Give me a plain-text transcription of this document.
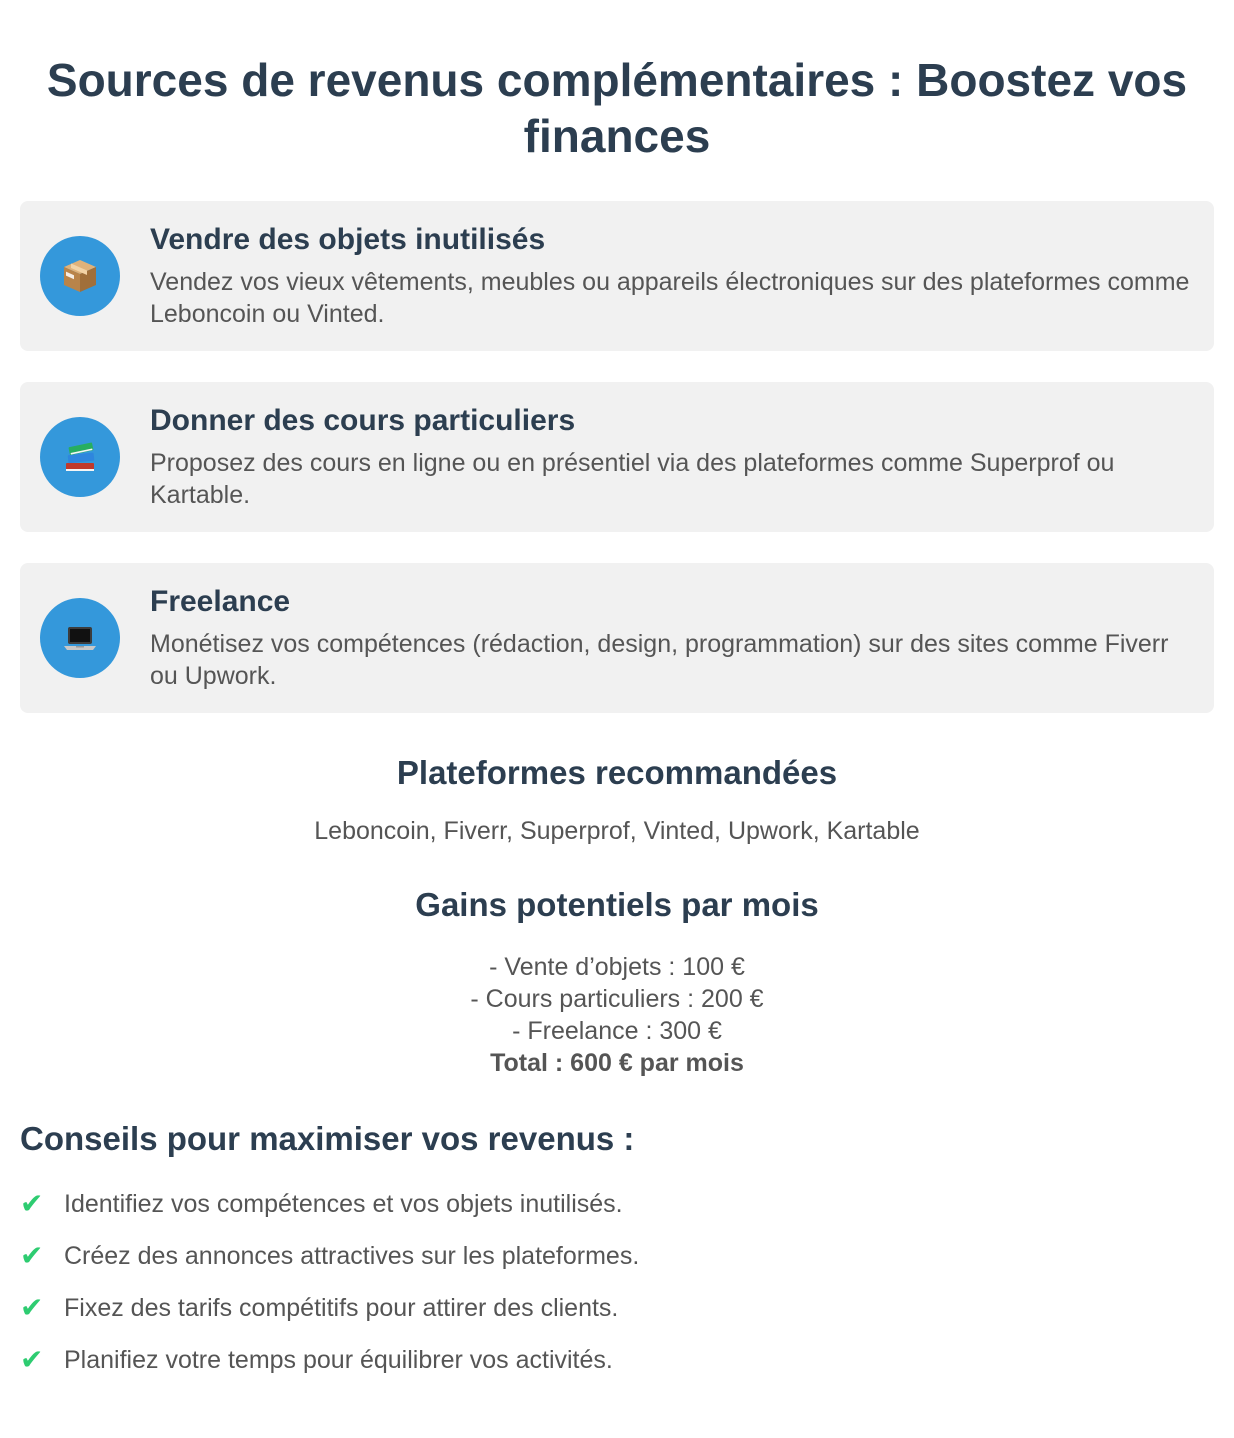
Sources de revenus complémentaires : Boostez vos finances

Vendre des objets inutilisés

Vendez vos vieux vêtements, meubles ou appareils électroniques sur des plateformes comme Leboncoin ou Vinted.

Donner des cours particuliers

Proposez des cours en ligne ou en présentiel via des plateformes comme Superprof ou Kartable.

Freelance

Monétisez vos compétences (rédaction, design, programmation) sur des sites comme Fiverr ou Upwork.

Plateformes recommandées

Leboncoin, Fiverr, Superprof, Vinted, Upwork, Kartable

Gains potentiels par mois
- Vente d’objets : 100 €
- Cours particuliers : 200 €
- Freelance : 300 €
Total : 600 € par mois
Conseils pour maximiser vos revenus :
✔ Identifiez vos compétences et vos objets inutilisés.
✔ Créez des annonces attractives sur les plateformes.
✔ Fixez des tarifs compétitifs pour attirer des clients.
✔ Planifiez votre temps pour équilibrer vos activités.
